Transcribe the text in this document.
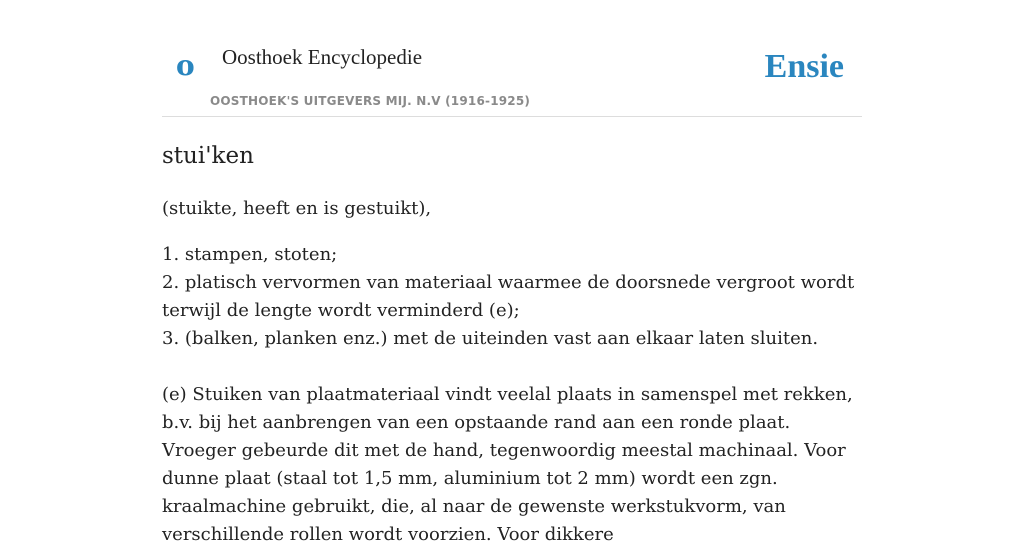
o Oosthoek Encyclopedie
OOSTHOEK'S UITGEVERS MIJ. N.V (1916-1925)
Ensie
stui'ken

(stuikte, heeft en is gestuikt),

1. stampen, stoten;
2. platisch vervormen van materiaal waarmee de doorsnede vergroot wordt terwijl de lengte wordt verminderd (e);
3. (balken, planken enz.) met de uiteinden vast aan elkaar laten sluiten.

(e) Stuiken van plaatmateriaal vindt veelal plaats in samenspel met rekken, b.v. bij het aanbrengen van een opstaande rand aan een ronde plaat. Vroeger gebeurde dit met de hand, tegenwoordig meestal machinaal. Voor dunne plaat (staal tot 1,5 mm, aluminium tot 2 mm) wordt een zgn. kraalmachine gebruikt, die, al naar de gewenste werkstukvorm, van verschillende rollen wordt voorzien. Voor dikkere
